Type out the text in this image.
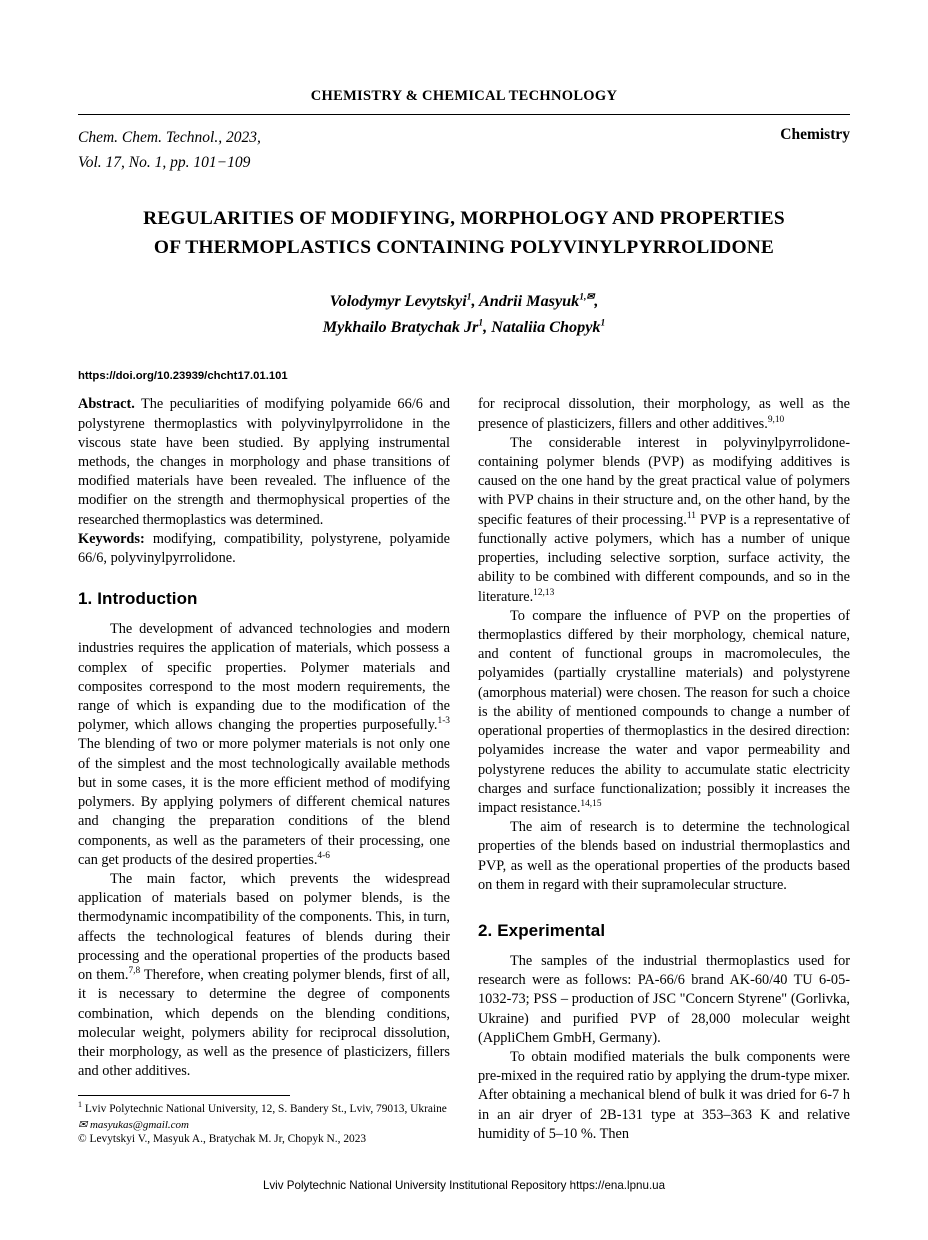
CHEMISTRY & CHEMICAL TECHNOLOGY
Chem. Chem. Technol., 2023,
Vol. 17, No. 1, pp. 101−109
Chemistry
REGULARITIES OF MODIFYING, MORPHOLOGY AND PROPERTIES
OF THERMOPLASTICS CONTAINING POLYVINYLPYRROLIDONE
Volodymyr Levytskyi$^1$, Andrii Masyuk$^{1,✉}$,
Mykhailo Bratychak Jr$^1$, Nataliia Chopyk$^1$
https://doi.org/10.23939/chcht17.01.101

Abstract. The peculiarities of modifying polyamide 66/6 and polystyrene thermoplastics with polyvinylpyrrolidone in the viscous state have been studied. By applying instrumental methods, the changes in morphology and phase transitions of modified materials have been revealed. The influence of the modifier on the strength and thermophysical properties of the researched thermoplastics was determined.

Keywords: modifying, compatibility, polystyrene, polyamide 66/6, polyvinylpyrrolidone.

1. Introduction

The development of advanced technologies and modern industries requires the application of materials, which possess a complex of specific properties. Polymer materials and composites correspond to the most modern requirements, the range of which is expanding due to the modification of the polymer, which allows changing the properties purposefully.$^{1-3}$ The blending of two or more polymer materials is not only one of the simplest and the most technologically available methods but in some cases, it is the more efficient method of modifying polymers. By applying polymers of different chemical natures and changing the preparation conditions of the blend components, as well as the parameters of their processing, one can get products of the desired properties.$^{4-6}$

The main factor, which prevents the widespread application of materials based on polymer blends, is the thermodynamic incompatibility of the components. This, in turn, affects the technological features of blends during their processing and the operational properties of the products based on them.$^{7,8}$ Therefore, when creating polymer blends, first of all, it is necessary to determine the degree of components combination, which depends on the blending conditions, molecular weight, polymers ability for reciprocal dissolution, their morphology, as well as the presence of plasticizers, fillers and other additives.

$^1$ Lviv Polytechnic National University, 12, S. Bandery St., Lviv, 79013, Ukraine
✉ masyukas@gmail.com
© Levytskyi V., Masyuk A., Bratychak M. Jr, Chopyk N., 2023

for reciprocal dissolution, their morphology, as well as the presence of plasticizers, fillers and other additives.$^{9,10}$

The considerable interest in polyvinylpyrrolidone-containing polymer blends (PVP) as modifying additives is caused on the one hand by the great practical value of polymers with PVP chains in their structure and, on the other hand, by the specific features of their processing.$^{11}$ PVP is a representative of functionally active polymers, which has a number of unique properties, including selective sorption, surface activity, the ability to be combined with different compounds, and so in the literature.$^{12,13}$

To compare the influence of PVP on the properties of thermoplastics differed by their morphology, chemical nature, and content of functional groups in macromolecules, the polyamides (partially crystalline materials) and polystyrene (amorphous material) were chosen. The reason for such a choice is the ability of mentioned compounds to change a number of operational properties of thermoplastics in the desired direction: polyamides increase the water and vapor permeability and polystyrene reduces the ability to accumulate static electricity charges and surface functionalization; possibly it increases the impact resistance.$^{14,15}$

The aim of research is to determine the technological properties of the blends based on industrial thermoplastics and PVP, as well as the operational properties of the products based on them in regard with their supramolecular structure.

2. Experimental

The samples of the industrial thermoplastics used for research were as follows: PA-66/6 brand AK-60/40 TU 6-05-1032-73; PSS – production of JSC "Concern Styrene" (Gorlivka, Ukraine) and purified PVP of 28,000 molecular weight (AppliChem GmbH, Germany).

To obtain modified materials the bulk components were pre-mixed in the required ratio by applying the drum-type mixer. After obtaining a mechanical blend of bulk it was dried for 6-7 h in an air dryer of 2B-131 type at 353–363 K and relative humidity of 5–10 %. Then

Lviv Polytechnic National University Institutional Repository https://ena.lpnu.ua
